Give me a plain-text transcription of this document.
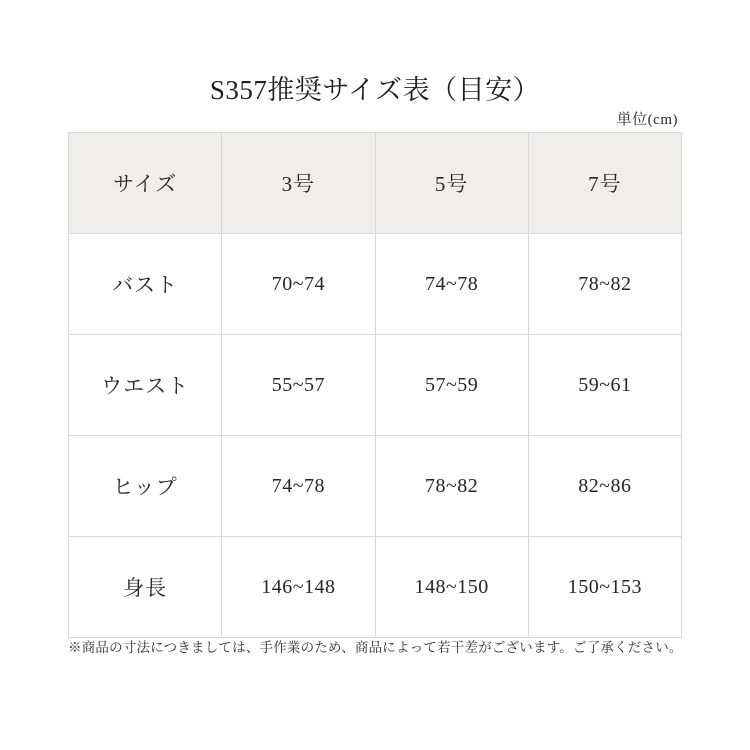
S357推奨サイズ表（目安）
単位(cm)
サイズ	3号	5号	7号
バスト	70~74	74~78	78~82
ウエスト	55~57	57~59	59~61
ヒップ	74~78	78~82	82~86
身長	146~148	148~150	150~153
※商品の寸法につきましては、手作業のため、商品によって若干差がございます。ご了承ください。
